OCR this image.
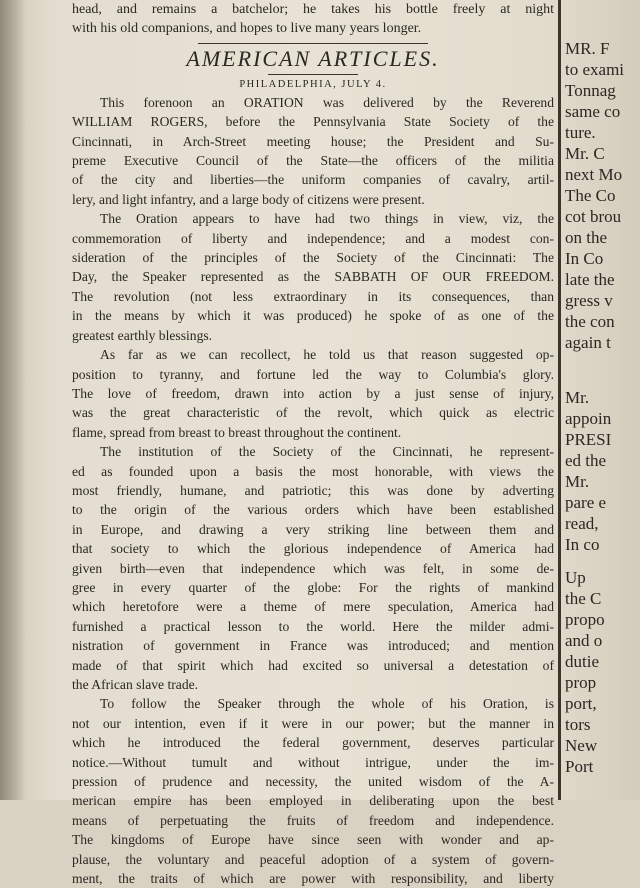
head, and remains a batchelor; he takes his bottle freely at night
with his old companions, and hopes to live many years longer.
AMERICAN ARTICLES.
PHILADELPHIA, JULY 4.
This forenoon an ORATION was delivered by the Reverend
WILLIAM ROGERS, before the Pennsylvania State Society of the
Cincinnati, in Arch-Street meeting house; the President and Su-
preme Executive Council of the State—the officers of the militia
of the city and liberties—the uniform companies of cavalry, artil-
lery, and light infantry, and a large body of citizens were present.
The Oration appears to have had two things in view, viz, the
commemoration of liberty and independence; and a modest con-
sideration of the principles of the Society of the Cincinnati: The
Day, the Speaker represented as the SABBATH OF OUR FREEDOM.
The revolution (not less extraordinary in its consequences, than
in the means by which it was produced) he spoke of as one of the
greatest earthly blessings.
As far as we can recollect, he told us that reason suggested op-
position to tyranny, and fortune led the way to Columbia's glory.
The love of freedom, drawn into action by a just sense of injury,
was the great characteristic of the revolt, which quick as electric
flame, spread from breast to breast throughout the continent.
The institution of the Society of the Cincinnati, he represent-
ed as founded upon a basis the most honorable, with views the
most friendly, humane, and patriotic; this was done by adverting
to the origin of the various orders which have been established
in Europe, and drawing a very striking line between them and
that society to which the glorious independence of America had
given birth—even that independence which was felt, in some de-
gree in every quarter of the globe: For the rights of mankind
which heretofore were a theme of mere speculation, America had
furnished a practical lesson to the world. Here the milder admi-
nistration of government in France was introduced; and mention
made of that spirit which had excited so universal a detestation of
the African slave trade.
To follow the Speaker through the whole of his Oration, is
not our intention, even if it were in our power; but the manner in
which he introduced the federal government, deserves particular
notice.—Without tumult and without intrigue, under the im-
pression of prudence and necessity, the united wisdom of the A-
merican empire has been employed in deliberating upon the best
means of perpetuating the fruits of freedom and independence.
The kingdoms of Europe have since seen with wonder and ap-
plause, the voluntary and peaceful adoption of a system of govern-
ment, the traits of which are power with responsibility, and liberty
MR. F
to exami
Tonnag
same co
ture.
Mr. C
next Mo
The Co
cot brou
on the
In Co
late the
gress v
the con
again t
Mr.
appoin
PRESI
ed the
Mr.
pare e
read,
In co
Up
the C
propo
and o
dutie
prop
port,
tors
New
Port
